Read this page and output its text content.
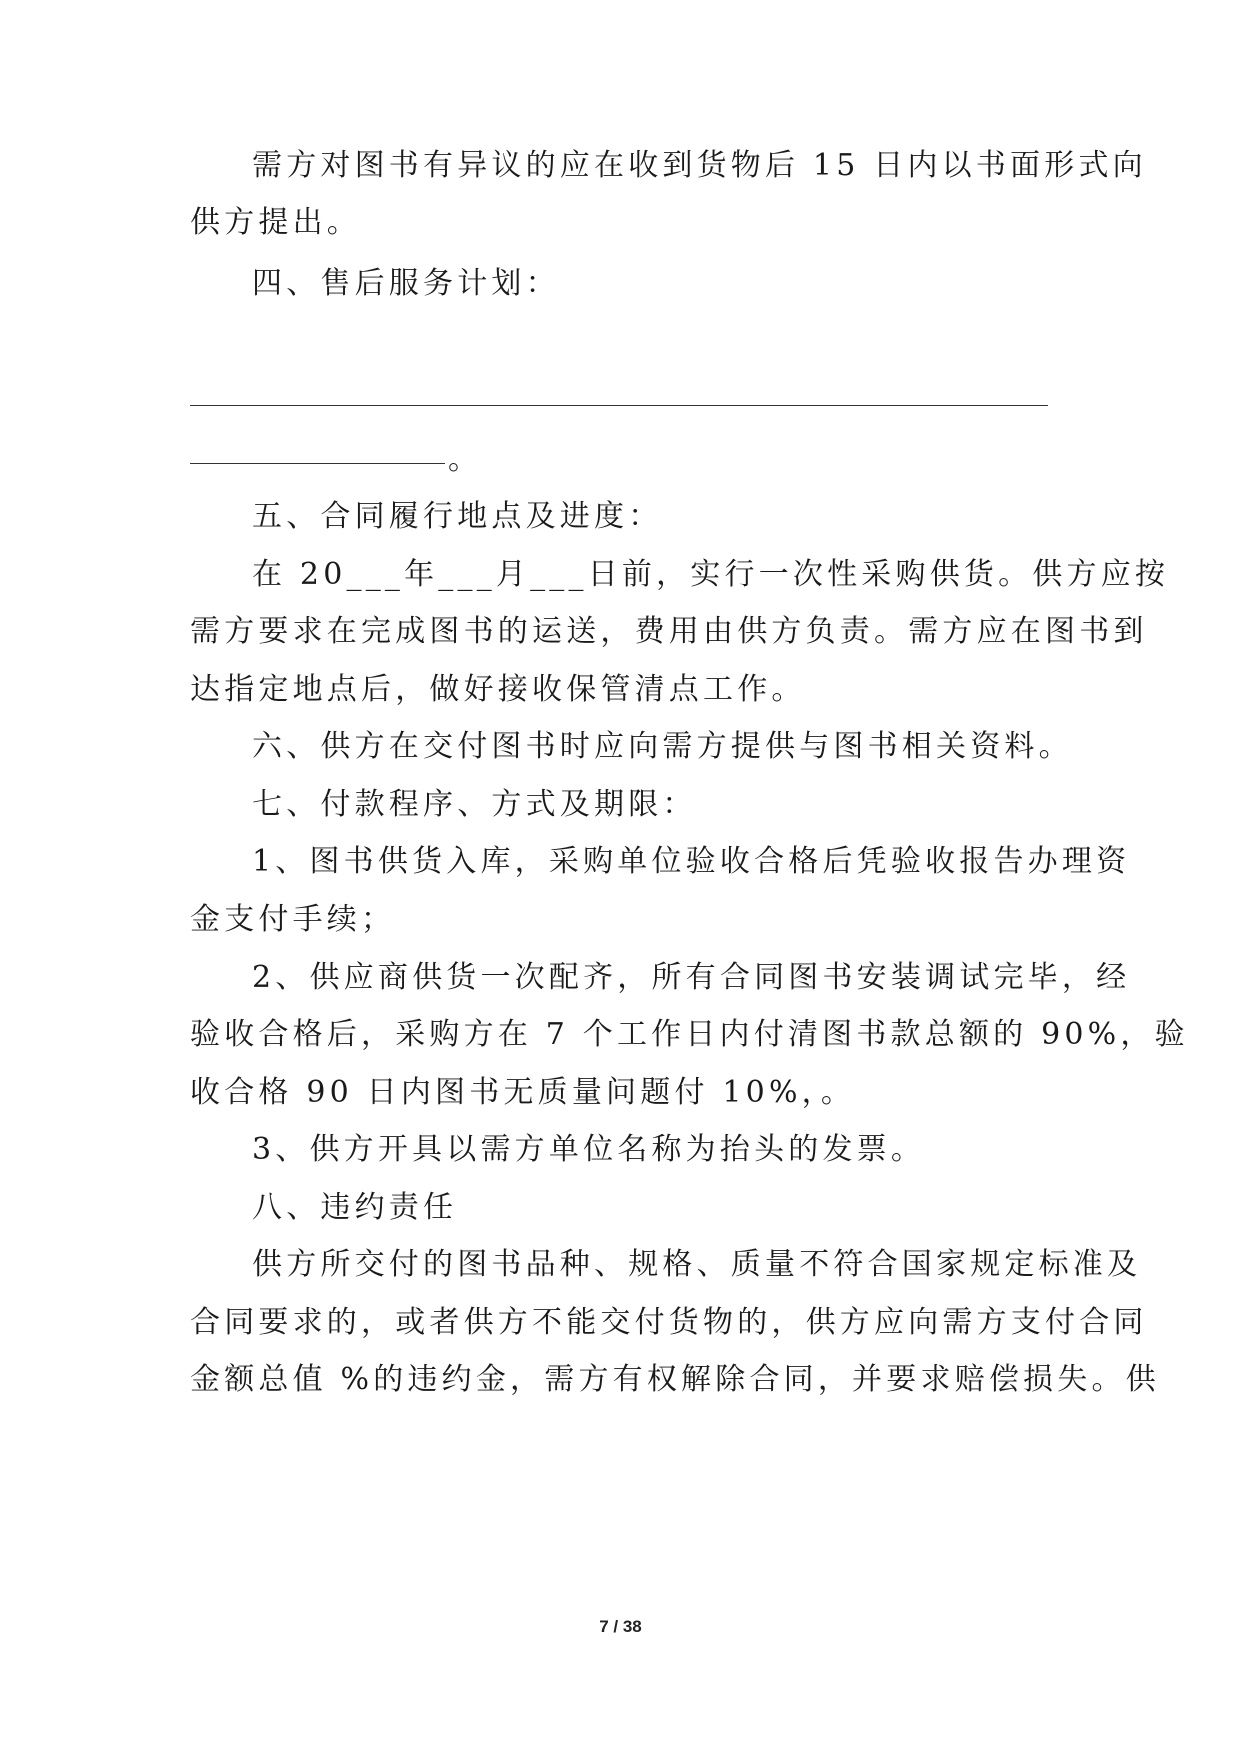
需方对图书有异议的应在收到货物后 15 日内以书面形式向
供方提出。
四、售后服务计划：
。
五、合同履行地点及进度：
在 20___年___月___日前，实行一次性采购供货。供方应按
需方要求在完成图书的运送，费用由供方负责。需方应在图书到
达指定地点后，做好接收保管清点工作。
六、供方在交付图书时应向需方提供与图书相关资料。
七、付款程序、方式及期限：
1、图书供货入库，采购单位验收合格后凭验收报告办理资
金支付手续；
2、供应商供货一次配齐，所有合同图书安装调试完毕，经
验收合格后，采购方在 7 个工作日内付清图书款总额的 90%，验
收合格 90 日内图书无质量问题付 10%，。
3、供方开具以需方单位名称为抬头的发票。
八、违约责任
供方所交付的图书品种、规格、质量不符合国家规定标准及
合同要求的，或者供方不能交付货物的，供方应向需方支付合同
金额总值 %的违约金，需方有权解除合同，并要求赔偿损失。供
7 / 38
